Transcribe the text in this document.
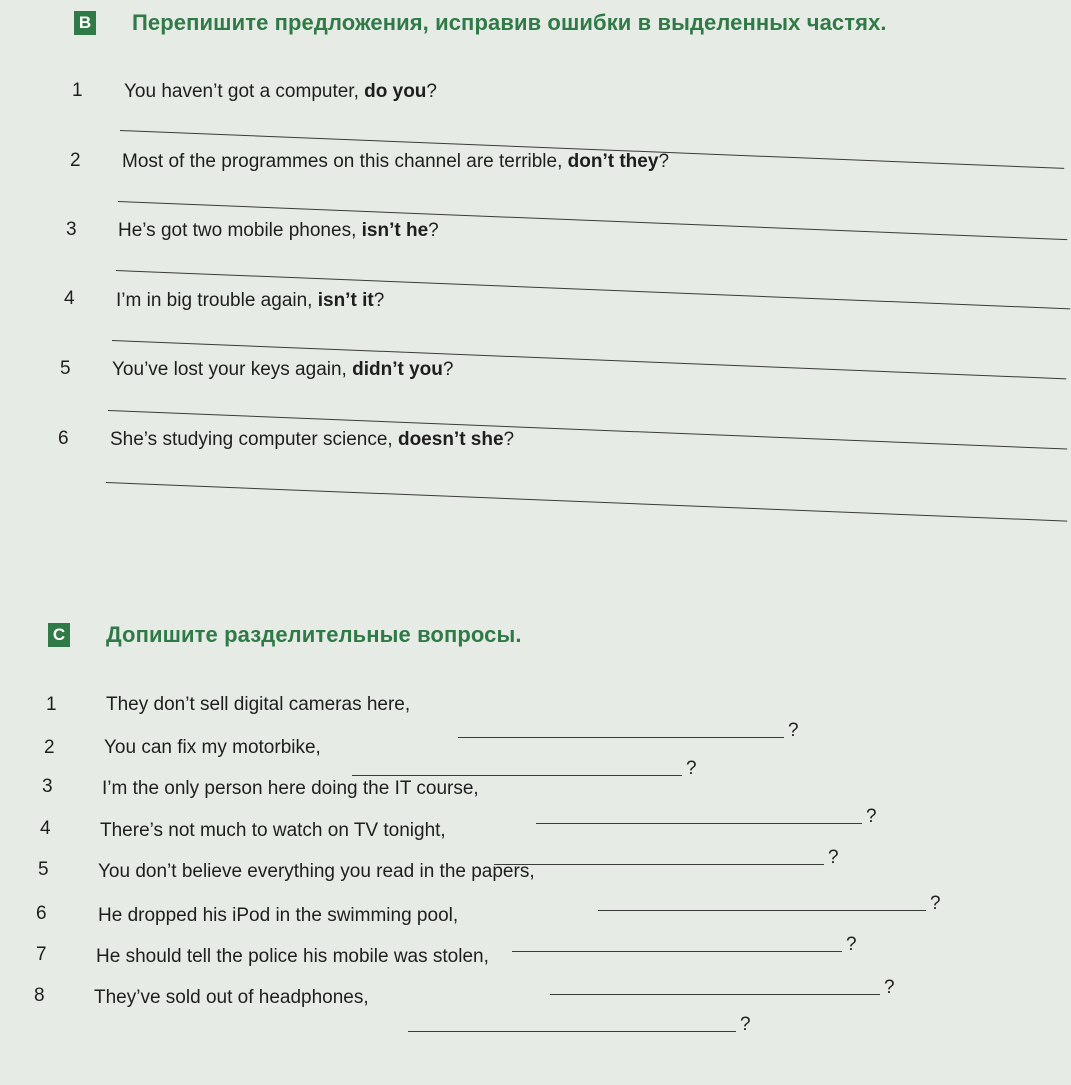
B Перепишите предложения, исправив ошибки в выделенных частях.
1 You haven’t got a computer, do you?
2 Most of the programmes on this channel are terrible, don’t they?
3 He’s got two mobile phones, isn’t he?
4 I’m in big trouble again, isn’t it?
5 You’ve lost your keys again, didn’t you?
6 She’s studying computer science, doesn’t she?
C Допишите разделительные вопросы.
1	They don’t sell digital cameras here,
?
2	You can fix my motorbike,
?
3	I’m the only person here doing the IT course,
?
4	There’s not much to watch on TV tonight,
?
5	You don’t believe everything you read in the papers,
?
6	He dropped his iPod in the swimming pool,
?
7	He should tell the police his mobile was stolen,
?
8	They’ve sold out of headphones,
?
